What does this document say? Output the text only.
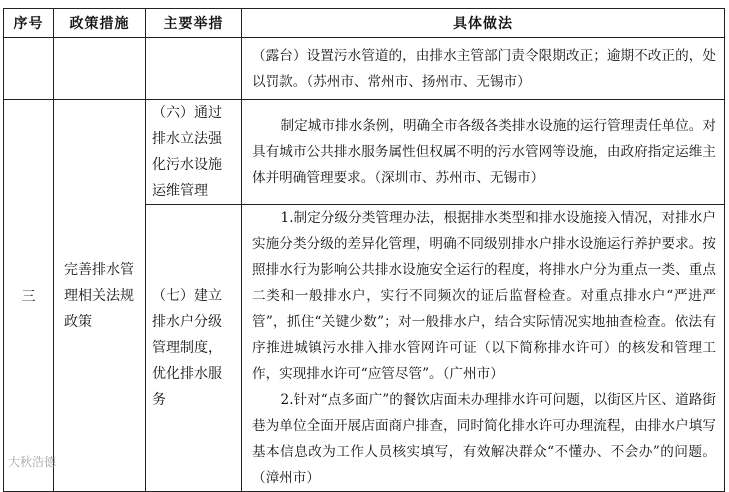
序号	政策措施	主要举措	具体做法

			（露台）设置污水管道的，由排水主管部门责令限期改正；逾期不改正的，处以罚款。（苏州市、常州市、扬州市、无锡市）

三	完善排水管理相关法规政策	（六）通过排水立法强化污水设施运维管理	制定城市排水条例，明确全市各级各类排水设施的运行管理责任单位。对具有城市公共排水服务属性但权属不明的污水管网等设施，由政府指定运维主体并明确管理要求。（深圳市、苏州市、无锡市）

		（七）建立排水户分级管理制度，优化排水服务	1.制定分级分类管理办法，根据排水类型和排水设施接入情况，对排水户实施分类分级的差异化管理，明确不同级别排水户排水设施运行养护要求。按照排水行为影响公共排水设施安全运行的程度，将排水户分为重点一类、重点二类和一般排水户，实行不同频次的证后监督检查。对重点排水户“严进严管”，抓住“关键少数”；对一般排水户，结合实际情况实地抽查检查。依法有序推进城镇污水排入排水管网许可证（以下简称排水许可）的核发和管理工作，实现排水许可“应管尽管”。（广州市）

2.针对“点多面广”的餐饮店面未办理排水许可问题，以街区片区、道路街巷为单位全面开展店面商户排查，同时简化排水许可办理流程，由排水户填写基本信息改为工作人员核实填写，有效解决群众“不懂办、不会办”的问题。（漳州市）

大秋浩德
